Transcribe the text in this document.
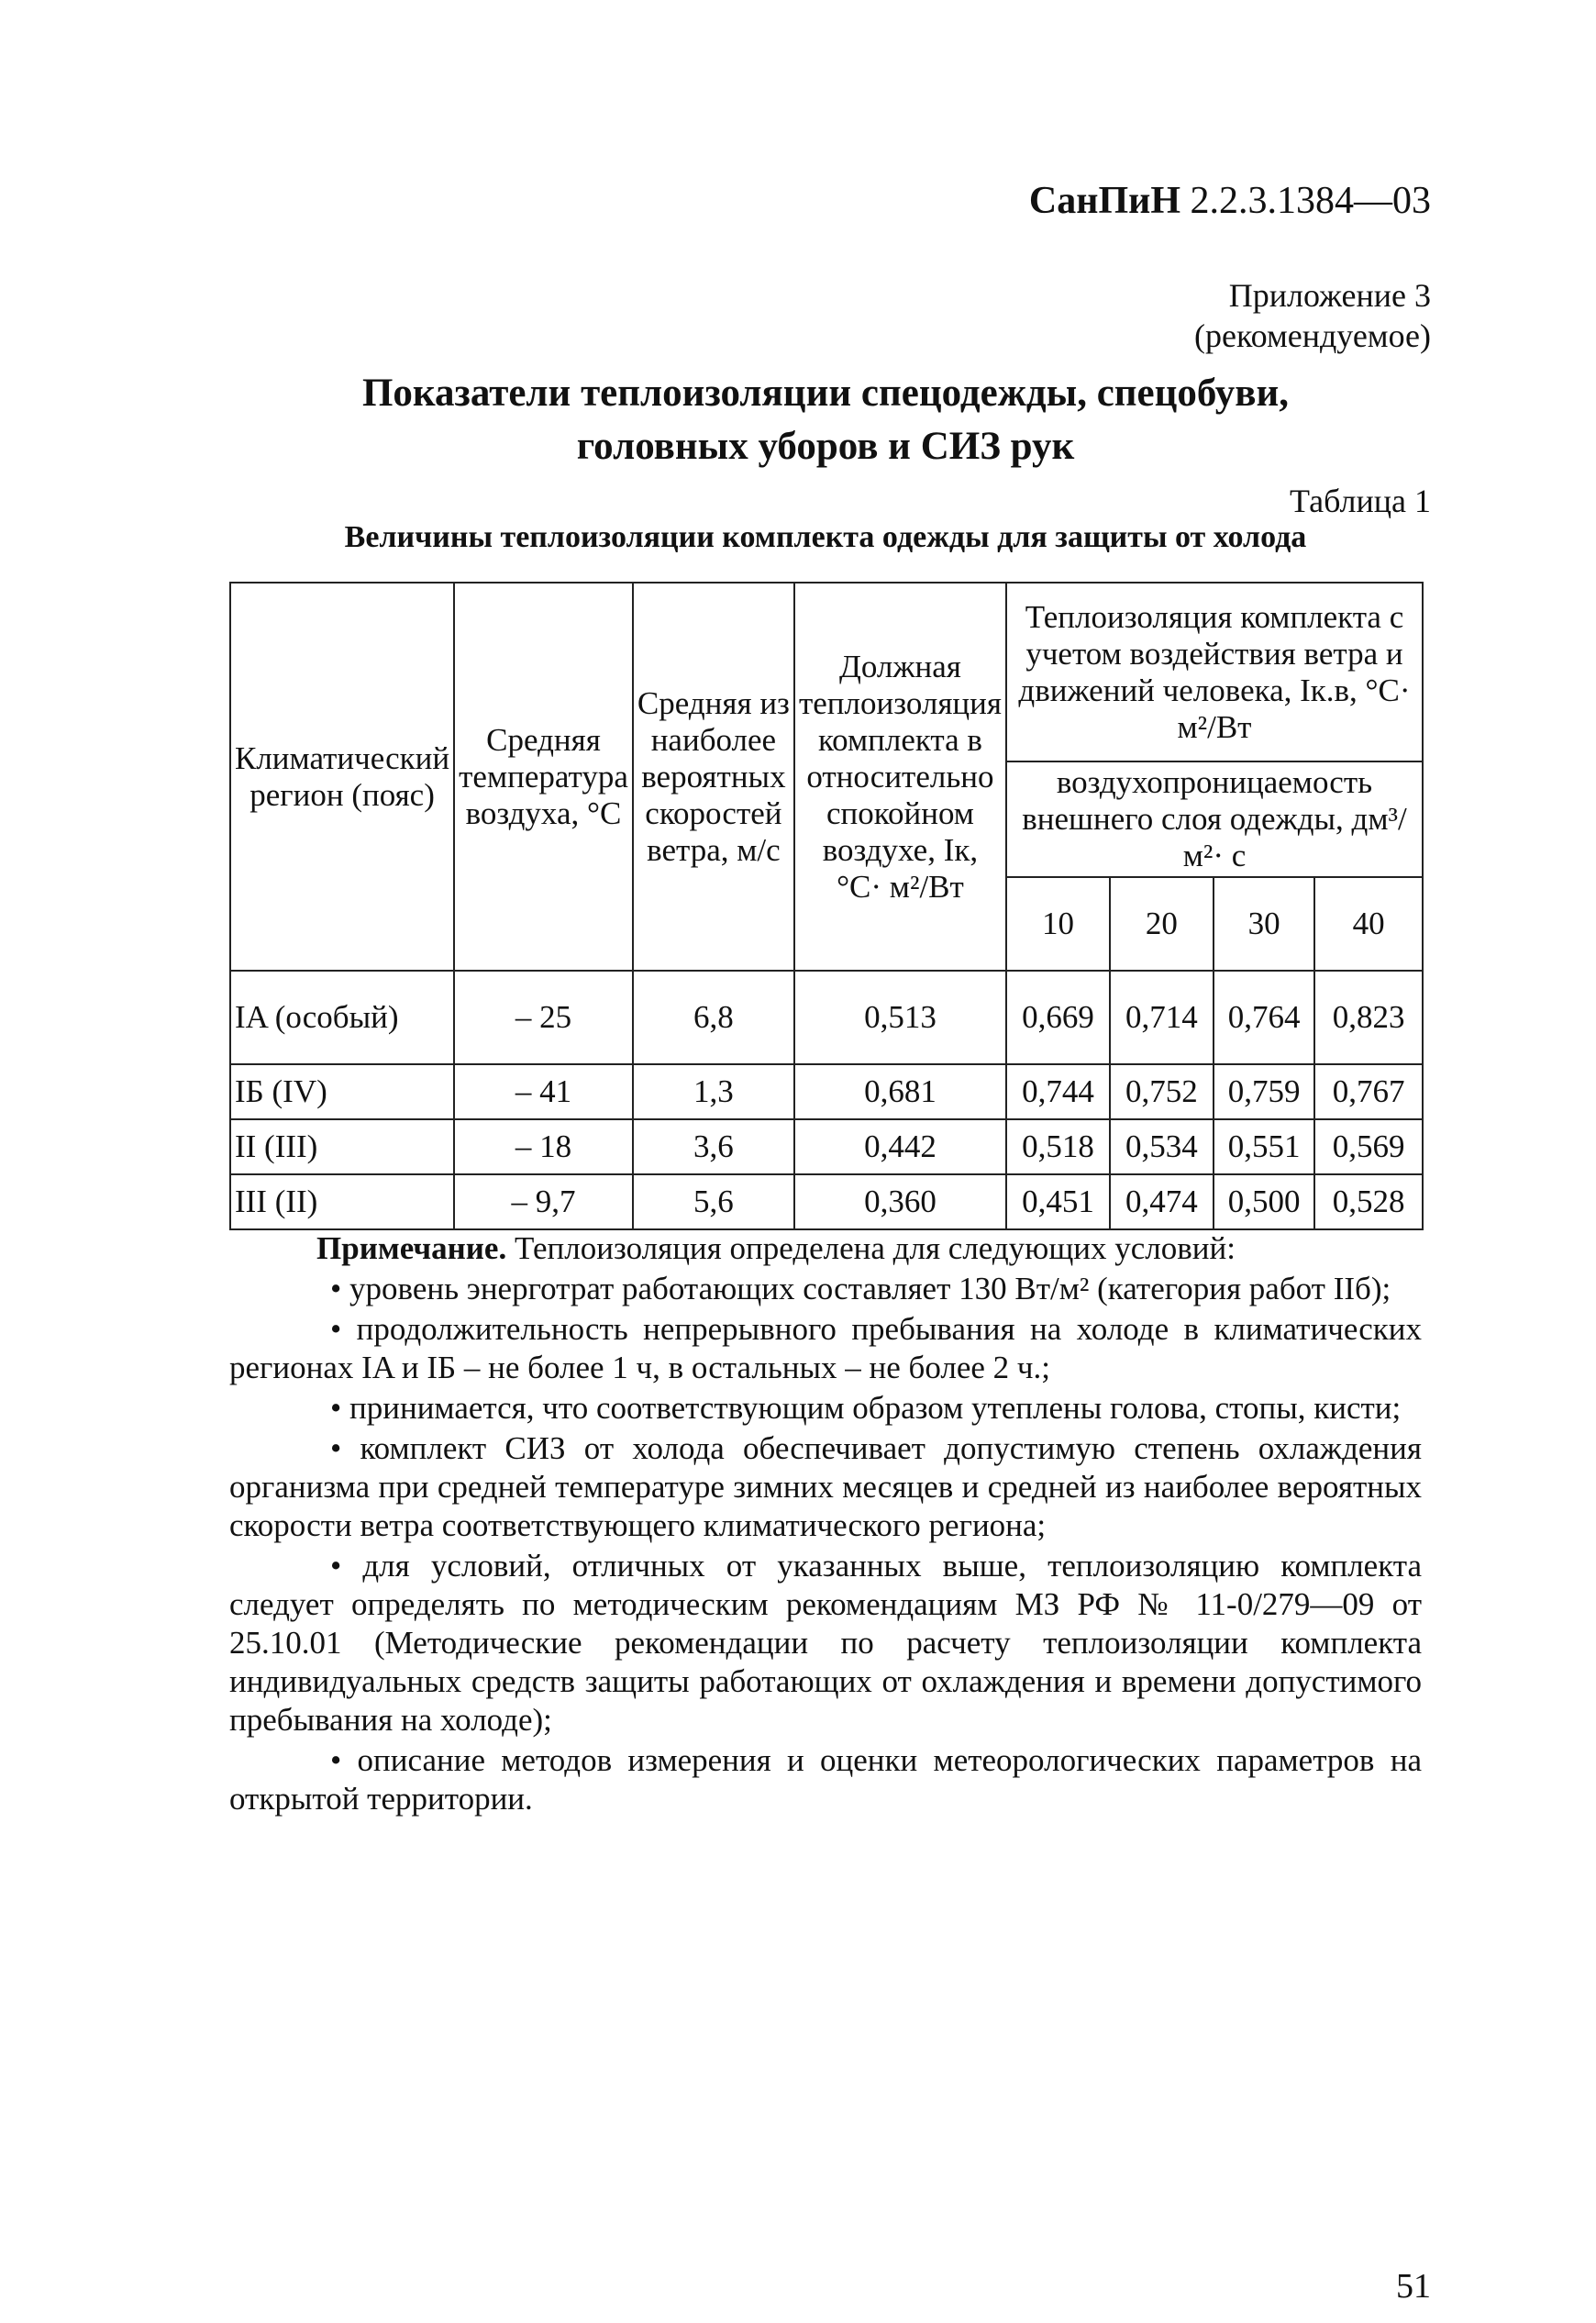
СанПиН 2.2.3.1384—03
Приложение 3
(рекомендуемое)
Показатели теплоизоляции спецодежды, спецобуви,
головных уборов и СИЗ рук
Таблица 1
Величины теплоизоляции комплекта одежды для защиты от холода
Климатический регион (пояс)	Средняя температура воздуха, °С	Средняя из наиболее вероятных скоростей ветра, м/с	Должная теплоизоляция комплекта в относительно спокойном воздухе, Iк, °С· м²/Вт	Теплоизоляция комплекта с учетом воздействия ветра и движений человека, Iк.в, °С· м²/Вт			
				воздухопроницаемость внешнего слоя одежды, дм³/м²· с			
				10	20	30	40
IA (особый)	– 25	6,8	0,513	0,669	0,714	0,764	0,823
IБ (IV)	– 41	1,3	0,681	0,744	0,752	0,759	0,767
II (III)	– 18	3,6	0,442	0,518	0,534	0,551	0,569
III (II)	– 9,7	5,6	0,360	0,451	0,474	0,500	0,528

Примечание. Теплоизоляция определена для следующих условий:

• уровень энерготрат работающих составляет 130 Вт/м² (категория работ IIб);

• продолжительность непрерывного пребывания на холоде в климатических регионах IA и IБ – не более 1 ч, в остальных – не более 2 ч.;

• принимается, что соответствующим образом утеплены голова, стопы, кисти;

• комплект СИЗ от холода обеспечивает допустимую степень охлаждения организма при средней температуре зимних месяцев и средней из наиболее вероятных скорости ветра соответствующего климатического региона;

• для условий, отличных от указанных выше, теплоизоляцию комплекта следует определять по методическим рекомендациям МЗ РФ № 11-0/279—09 от 25.10.01 (Методические рекомендации по расчету теплоизоляции комплекта индивидуальных средств защиты работающих от охлаждения и времени допустимого пребывания на холоде);

• описание методов измерения и оценки метеорологических параметров на открытой территории.

51
